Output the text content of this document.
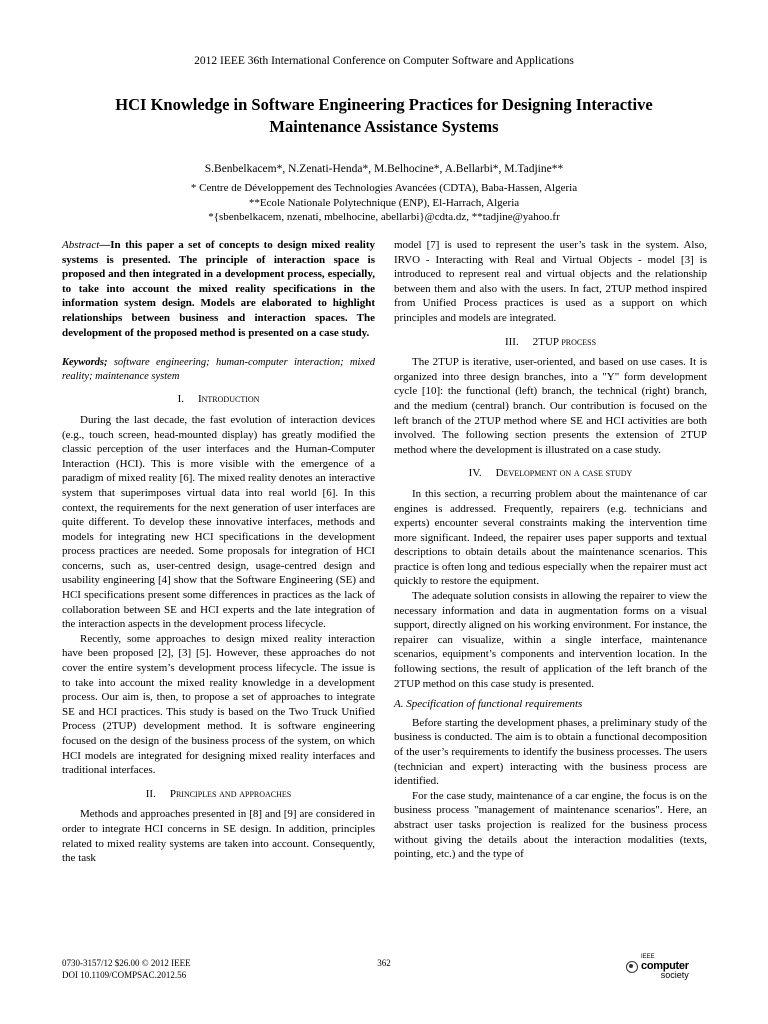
2012 IEEE 36th International Conference on Computer Software and Applications
HCI Knowledge in Software Engineering Practices for Designing Interactive Maintenance Assistance Systems
S.Benbelkacem*, N.Zenati-Henda*, M.Belhocine*, A.Bellarbi*, M.Tadjine**
* Centre de Développement des Technologies Avancées (CDTA), Baba-Hassen, Algeria
**Ecole Nationale Polytechnique (ENP), El-Harrach, Algeria
*{sbenbelkacem, nzenati, mbelhocine, abellarbi}@cdta.dz, **tadjine@yahoo.fr

Abstract—In this paper a set of concepts to design mixed reality systems is presented. The principle of interaction space is proposed and then integrated in a development process, especially, to take into account the mixed reality specifications in the information system design. Models are elaborated to highlight relationships between business and interaction spaces. The development of the proposed method is presented on a case study.

Keywords; software engineering; human-computer interaction; mixed reality; maintenance system

I. Introduction

During the last decade, the fast evolution of interaction devices (e.g., touch screen, head-mounted display) has greatly modified the classic perception of the user interfaces and the Human-Computer Interaction (HCI). This is more visible with the emergence of a paradigm of mixed reality [6]. The mixed reality denotes an interactive system that superimposes virtual data into real world [6]. In this context, the requirements for the next generation of user interfaces are quite different. To develop these innovative interfaces, methods and models for integrating new HCI specifications in the development process practices are needed. Some proposals for integration of HCI concerns, such as, user-centred design, usage-centred design and usability engineering [4] show that the Software Engineering (SE) and HCI specifications present some differences in practices as the lack of collaboration between SE and HCI experts and the late integration of the interaction aspects in the development process lifecycle.

Recently, some approaches to design mixed reality interaction have been proposed [2], [3] [5]. However, these approaches do not cover the entire system’s development process lifecycle. The issue is to take into account the mixed reality knowledge in a development process. Our aim is, then, to propose a set of approaches to integrate SE and HCI practices. This study is based on the Two Truck Unified Process (2TUP) development method. It is software engineering focused on the design of the business process of the system, on which HCI models are integrated for designing mixed reality interfaces and traditional interfaces.

II. Principles and approaches

Methods and approaches presented in [8] and [9] are considered in order to integrate HCI concerns in SE design. In addition, principles related to mixed reality systems are taken into account. Consequently, the task

model [7] is used to represent the user’s task in the system. Also, IRVO - Interacting with Real and Virtual Objects - model [3] is introduced to represent real and virtual objects and the relationship between them and also with the users. In fact, 2TUP method inspired from Unified Process practices is used as a support on which principles and models are integrated.

III. 2TUP process

The 2TUP is iterative, user-oriented, and based on use cases. It is organized into three design branches, into a "Y" form development cycle [10]: the functional (left) branch, the technical (right) branch, and the medium (central) branch. Our contribution is focused on the left branch of the 2TUP method where SE and HCI activities are both involved. The following section presents the extension of 2TUP method where the development is illustrated on a case study.

IV. Development on a case study

In this section, a recurring problem about the maintenance of car engines is addressed. Frequently, repairers (e.g. technicians and experts) encounter several constraints making the intervention time more significant. Indeed, the repairer uses paper supports and textual descriptions to obtain details about the maintenance scenarios. This practice is often long and tedious especially when the repairer must act quickly to restore the equipment.

The adequate solution consists in allowing the repairer to view the necessary information and data in augmentation forms on a visual support, directly aligned on his working environment. For instance, the repairer can visualize, within a single interface, maintenance scenarios, equipment’s components and intervention location. In the following sections, the result of application of the left branch of the 2TUP method on this case study is presented.

A. Specification of functional requirements

Before starting the development phases, a preliminary study of the business is conducted. The aim is to obtain a functional decomposition of the user’s requirements to identify the business processes. The users (technician and expert) interacting with the business process are identified.

For the case study, maintenance of a car engine, the focus is on the business process "management of maintenance scenarios". Here, an abstract user tasks projection is realized for the business process without giving the details about the interaction modalities (texts, pointing, etc.) and the type of

0730-3157/12 $26.00 © 2012 IEEE
DOI 10.1109/COMPSAC.2012.56
362
IEEE
computer
society
